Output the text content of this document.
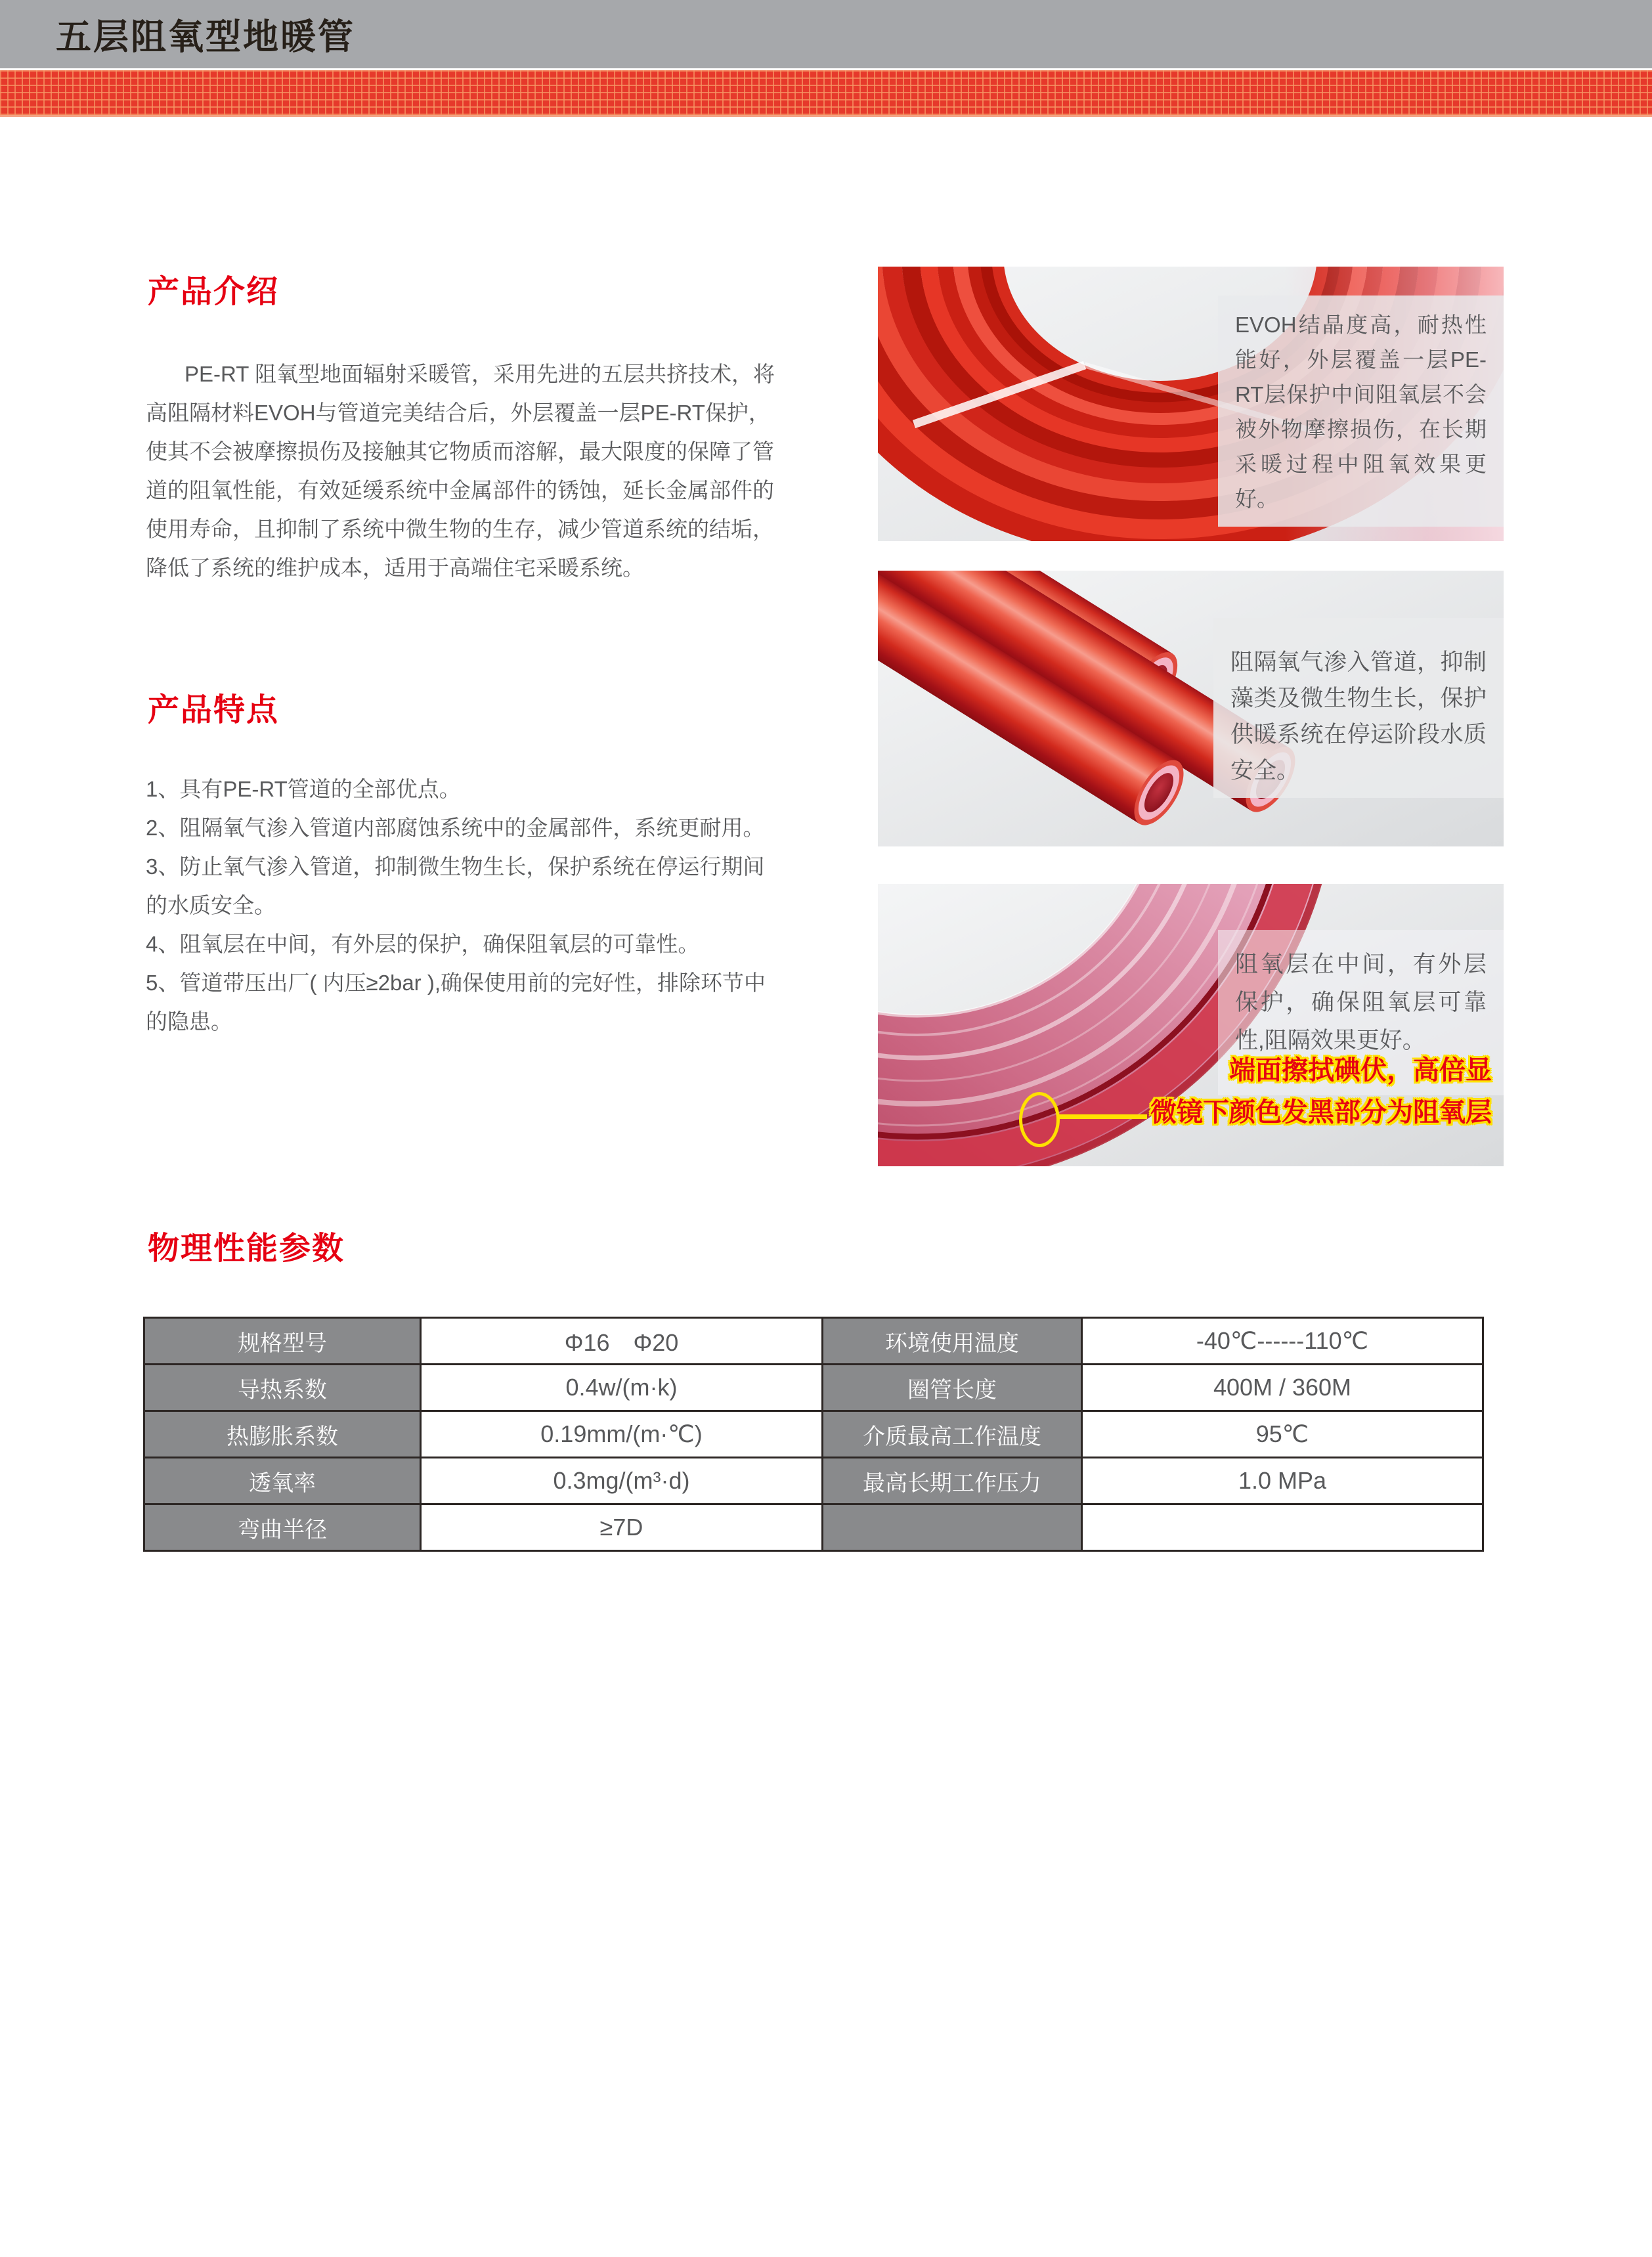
五层阻氧型地暖管
产品介绍
PE-RT 阻氧型地面辐射采暖管，采用先进的五层共挤技术，将
高阻隔材料EVOH与管道完美结合后，外层覆盖一层PE-RT保护，
使其不会被摩擦损伤及接触其它物质而溶解，最大限度的保障了管
道的阻氧性能，有效延缓系统中金属部件的锈蚀，延长金属部件的
使用寿命，且抑制了系统中微生物的生存，减少管道系统的结垢，
降低了系统的维护成本，适用于高端住宅采暖系统。
产品特点
1、具有PE-RT管道的全部优点。
2、阻隔氧气渗入管道内部腐蚀系统中的金属部件，系统更耐用。
3、防止氧气渗入管道，抑制微生物生长，保护系统在停运行期间
的水质安全。
4、阻氧层在中间，有外层的保护，确保阻氧层的可靠性。
5、管道带压出厂( 内压≥2bar ),确保使用前的完好性，排除环节中
的隐患。
EVOH结晶度高，耐热性能好，外层覆盖一层PE-RT层保护中间阻氧层不会被外物摩擦损伤，在长期采暖过程中阻氧效果更好。
阻隔氧气渗入管道，抑制藻类及微生物生长，保护供暖系统在停运阶段水质安全。
阻氧层在中间，有外层保护，确保阻氧层可靠性,阻隔效果更好。
端面擦拭碘伏，高倍显
微镜下颜色发黑部分为阻氧层
物理性能参数
规格型号	Φ16　Φ20	环境使用温度	-40℃------110℃
导热系数	0.4w/(m·k)	圈管长度	400M / 360M
热膨胀系数	0.19mm/(m·℃)	介质最高工作温度	95℃
透氧率	0.3mg/(m³·d)	最高长期工作压力	1.0 MPa
弯曲半径	≥7D		
